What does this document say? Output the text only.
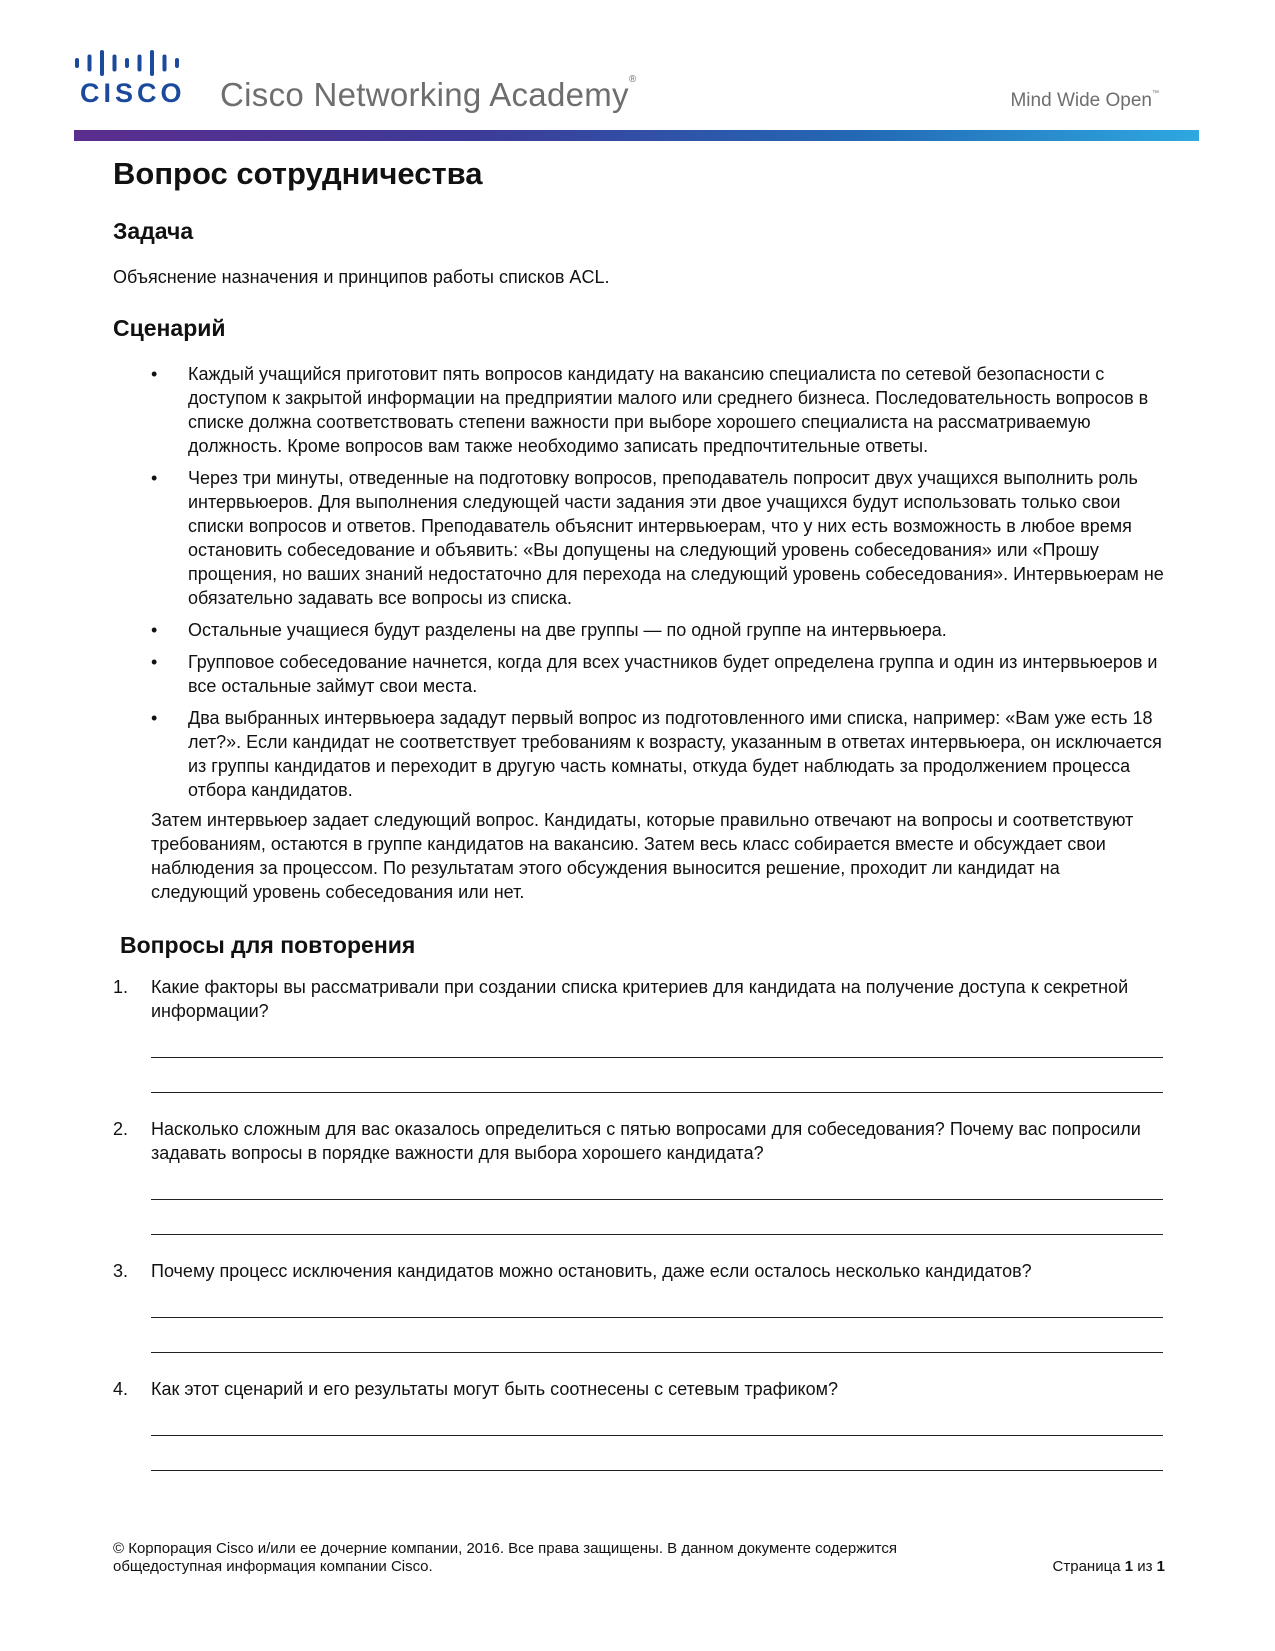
CISCO Cisco Networking Academy®
Mind Wide Open™
Вопрос сотрудничества
Задача

Объяснение назначения и принципов работы списков ACL.

Сценарий
• Каждый учащийся приготовит пять вопросов кандидату на вакансию специалиста по сетевой безопасности с доступом к закрытой информации на предприятии малого или среднего бизнеса. Последовательность вопросов в списке должна соответствовать степени важности при выборе хорошего специалиста на рассматриваемую должность. Кроме вопросов вам также необходимо записать предпочтительные ответы.
• Через три минуты, отведенные на подготовку вопросов, преподаватель попросит двух учащихся выполнить роль интервьюеров. Для выполнения следующей части задания эти двое учащихся будут использовать только свои списки вопросов и ответов. Преподаватель объяснит интервьюерам, что у них есть возможность в любое время остановить собеседование и объявить: «Вы допущены на следующий уровень собеседования» или «Прошу прощения, но ваших знаний недостаточно для перехода на следующий уровень собеседования». Интервьюерам не обязательно задавать все вопросы из списка.
• Остальные учащиеся будут разделены на две группы — по одной группе на интервьюера.
• Групповое собеседование начнется, когда для всех участников будет определена группа и один из интервьюеров и все остальные займут свои места.
• Два выбранных интервьюера зададут первый вопрос из подготовленного ими списка, например: «Вам уже есть 18 лет?». Если кандидат не соответствует требованиям к возрасту, указанным в ответах интервьюера, он исключается из группы кандидатов и переходит в другую часть комнаты, откуда будет наблюдать за продолжением процесса отбора кандидатов.

Затем интервьюер задает следующий вопрос. Кандидаты, которые правильно отвечают на вопросы и соответствуют требованиям, остаются в группе кандидатов на вакансию. Затем весь класс собирается вместе и обсуждает свои наблюдения за процессом. По результатам этого обсуждения выносится решение, проходит ли кандидат на следующий уровень собеседования или нет.

Вопросы для повторения
1. Какие факторы вы рассматривали при создании списка критериев для кандидата на получение доступа к секретной информации?
2. Насколько сложным для вас оказалось определиться с пятью вопросами для собеседования? Почему вас попросили задавать вопросы в порядке важности для выбора хорошего кандидата?
3. Почему процесс исключения кандидатов можно остановить, даже если осталось несколько кандидатов?
4. Как этот сценарий и его результаты могут быть соотнесены с сетевым трафиком?
© Корпорация Cisco и/или ее дочерние компании, 2016. Все права защищены. В данном документе содержится общедоступная информация компании Cisco.	Страница 1 из 1
